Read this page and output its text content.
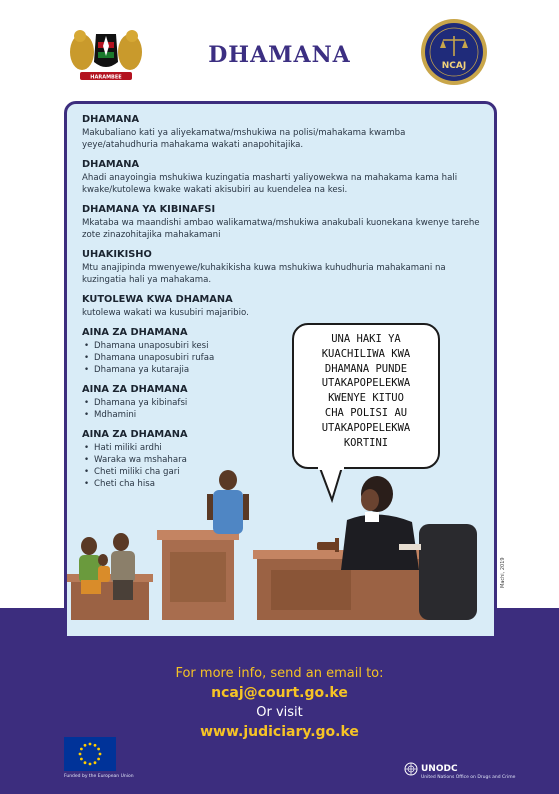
HARAMBEE
DHAMANA	NCAJ
DHAMANA
Makubaliano kati ya aliyekamatwa/mshukiwa na polisi/mahakama kwamba yeye/atahudhuria mahakama wakati anapohitajika.
DHAMANA
Ahadi anayoingia mshukiwa kuzingatia masharti yaliyowekwa na mahakama kama hali kwake/kutolewa kwake wakati akisubiri au kuendelea na kesi.
DHAMANA YA KIBINAFSI
Mkataba wa maandishi ambao walikamatwa/mshukiwa anakubali kuonekana kwenye tarehe zote zinazohitajika mahakamani
UHAKIKISHO
Mtu anajipinda mwenyewe/kuhakikisha kuwa mshukiwa kuhudhuria mahakamani na kuzingatia hali ya mahakama.
KUTOLEWA KWA DHAMANA
kutolewa wakati wa kusubiri majaribio.
AINA ZA DHAMANA
• Dhamana unaposubiri kesi
• Dhamana unaposubiri rufaa
• Dhamana ya kutarajia
AINA ZA DHAMANA
• Dhamana ya kibinafsi
• Mdhamini
AINA ZA DHAMANA
• Hati miliki ardhi
• Waraka wa mshahara
• Cheti miliki cha gari
• Cheti cha hisa
UNA HAKI YA
KUACHILIWA KWA
DHAMANA PUNDE
UTAKAPOPELEKWA
KWENYE KITUO
CHA POLISI AU
UTAKAPOPELEKWA
KORTINI
Machi, 2019
For more info, send an email to:
ncaj@court.go.ke
Or visit
www.judiciary.go.ke
Funded by the European Union
UNODC
United Nations Office on Drugs and Crime
